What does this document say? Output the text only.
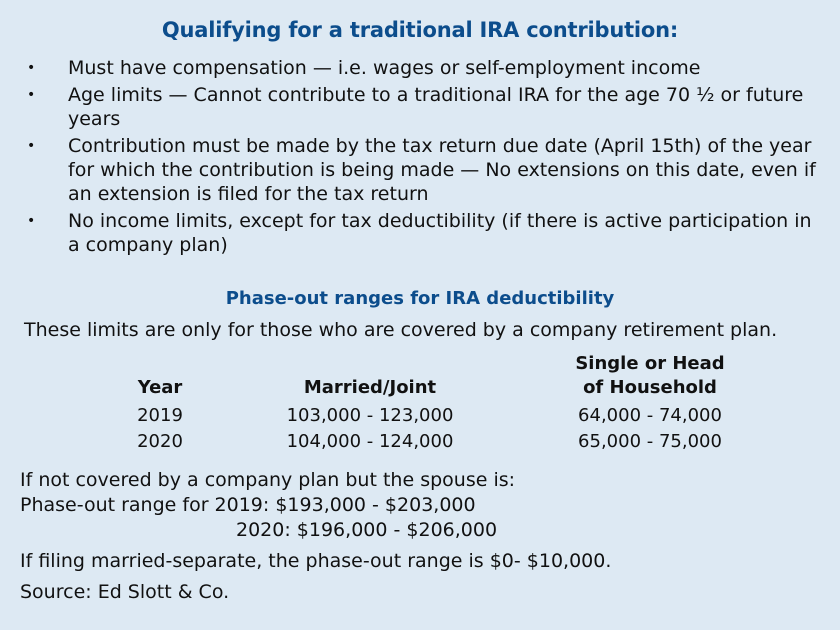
Qualifying for a traditional IRA contribution:
• Must have compensation — i.e. wages or self-employment income
• Age limits — Cannot contribute to a traditional IRA for the age 70 ½ or future years
• Contribution must be made by the tax return due date (April 15th) of the year for which the contribution is being made — No extensions on this date, even if an extension is filed for the tax return
• No income limits, except for tax deductibility (if there is active participation in a company plan)
Phase-out ranges for IRA deductibility
These limits are only for those who are covered by a company retirement plan.
Year
2019
2020
Married/Joint
103,000 - 123,000
104,000 - 124,000
Single or Head
of Household
64,000 - 74,000
65,000 - 75,000
If not covered by a company plan but the spouse is:
Phase-out range for 2019: $193,000 - $203,000
2020: $196,000 - $206,000
If filing married-separate, the phase-out range is $0- $10,000.
Source: Ed Slott & Co.
